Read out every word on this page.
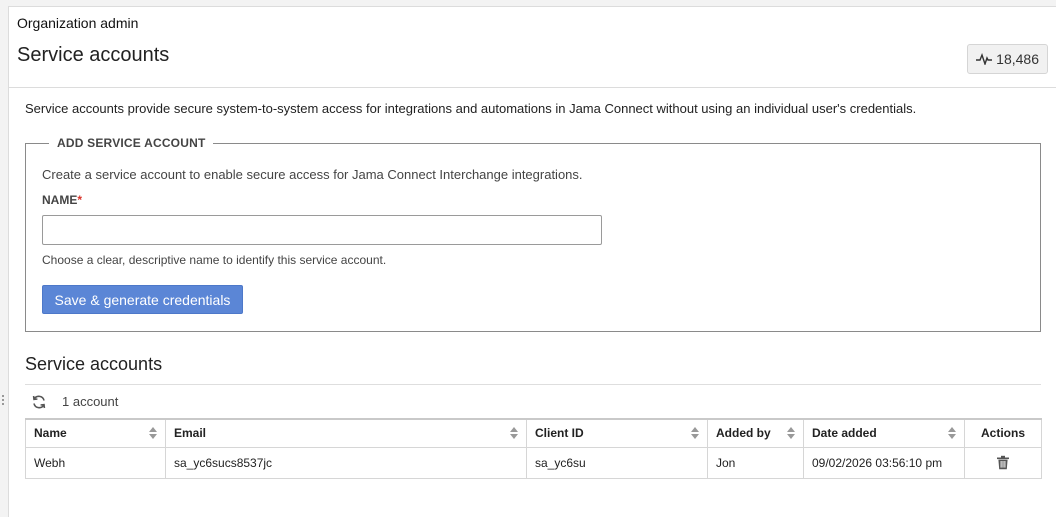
Organization admin
Service accounts	18,486
Service accounts provide secure system-to-system access for integrations and automations in Jama Connect without using an individual user's credentials.
ADD SERVICE ACCOUNT
Create a service account to enable secure access for Jama Connect Interchange integrations.
NAME*
Choose a clear, descriptive name to identify this service account.
Save & generate credentials
Service accounts
1 account
Name	Email	Client ID	Added by	Date added	Actions
Webh	sa_yc6sucs8537jc	sa_yc6su	Jon	09/02/2026 03:56:10 pm	
